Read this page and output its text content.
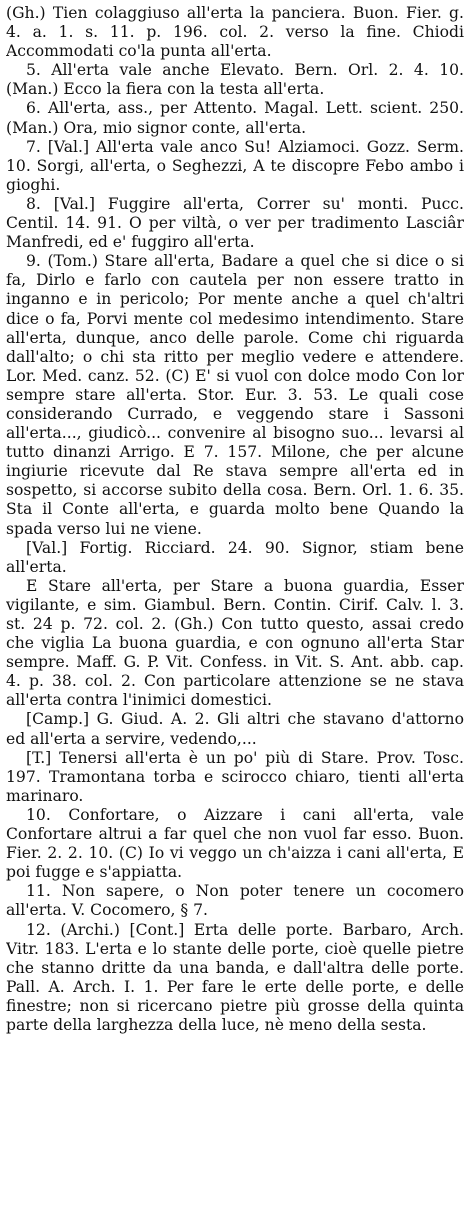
(Gh.) Tien colaggiuso all'erta la panciera. Buon. Fier. g. 4. a. 1. s. 11. p. 196. col. 2. verso la fine. Chiodi Accommodati co'la punta all'erta.

5. All'erta vale anche Elevato. Bern. Orl. 2. 4. 10. (Man.) Ecco la fiera con la testa all'erta.

6. All'erta, ass., per Attento. Magal. Lett. scient. 250. (Man.) Ora, mio signor conte, all'erta.

7. [Val.] All'erta vale anco Su! Alziamoci. Gozz. Serm. 10. Sorgi, all'erta, o Seghezzi, A te discopre Febo ambo i gioghi.

8. [Val.] Fuggire all'erta, Correr su' monti. Pucc. Centil. 14. 91. O per viltà, o ver per tradimento Lasciâr Manfredi, ed e' fuggiro all'erta.

9. (Tom.) Stare all'erta, Badare a quel che si dice o si fa, Dirlo e farlo con cautela per non essere tratto in inganno e in pericolo; Por mente anche a quel ch'altri dice o fa, Porvi mente col medesimo intendimento. Stare all'erta, dunque, anco delle parole. Come chi riguarda dall'alto; o chi sta ritto per meglio vedere e attendere. Lor. Med. canz. 52. (C) E' si vuol con dolce modo Con lor sempre stare all'erta. Stor. Eur. 3. 53. Le quali cose considerando Currado, e veggendo stare i Sassoni all'erta..., giudicò... convenire al bisogno suo... levarsi al tutto dinanzi Arrigo. E 7. 157. Milone, che per alcune ingiurie ricevute dal Re stava sempre all'erta ed in sospetto, si accorse subito della cosa. Bern. Orl. 1. 6. 35. Sta il Conte all'erta, e guarda molto bene Quando la spada verso lui ne viene.

[Val.] Fortig. Ricciard. 24. 90. Signor, stiam bene all'erta.

E Stare all'erta, per Stare a buona guardia, Esser vigilante, e sim. Giambul. Bern. Contin. Cirif. Calv. l. 3. st. 24 p. 72. col. 2. (Gh.) Con tutto questo, assai credo che viglia La buona guardia, e con ognuno all'erta Star sempre. Maff. G. P. Vit. Confess. in Vit. S. Ant. abb. cap. 4. p. 38. col. 2. Con particolare attenzione se ne stava all'erta contra l'inimici domestici.

[Camp.] G. Giud. A. 2. Gli altri che stavano d'attorno ed all'erta a servire, vedendo,...

[T.] Tenersi all'erta è un po' più di Stare. Prov. Tosc. 197. Tramontana torba e scirocco chiaro, tienti all'erta marinaro.

10. Confortare, o Aizzare i cani all'erta, vale Confortare altrui a far quel che non vuol far esso. Buon. Fier. 2. 2. 10. (C) Io vi veggo un ch'aizza i cani all'erta, E poi fugge e s'appiatta.

11. Non sapere, o Non poter tenere un cocomero all'erta. V. Cocomero, § 7.

12. (Archi.) [Cont.] Erta delle porte. Barbaro, Arch. Vitr. 183. L'erta e lo stante delle porte, cioè quelle pietre che stanno dritte da una banda, e dall'altra delle porte. Pall. A. Arch. I. 1. Per fare le erte delle porte, e delle finestre; non si ricercano pietre più grosse della quinta parte della larghezza della luce, nè meno della sesta.
